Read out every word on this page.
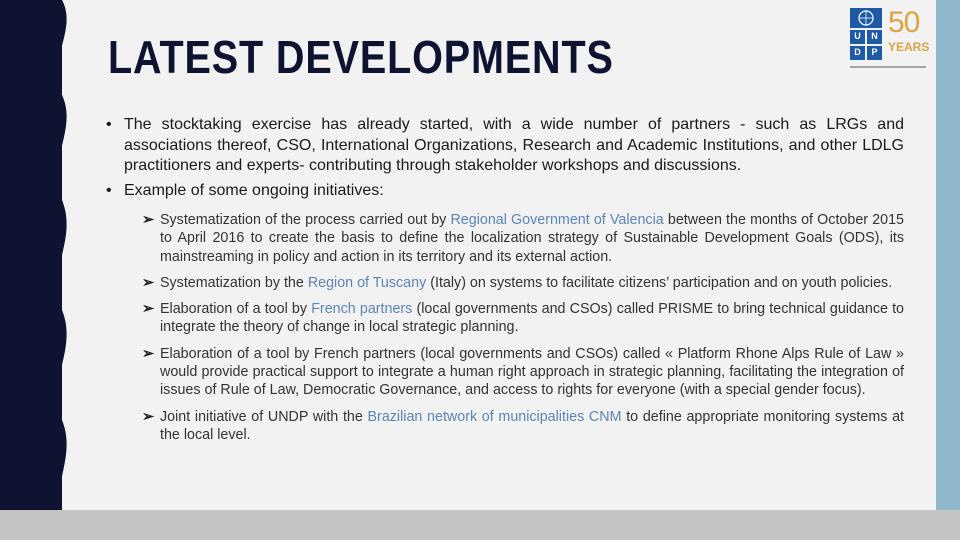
LATEST DEVELOPMENTS	U	N
D	P
50
YEARS

• The stocktaking exercise has already started, with a wide number of partners - such as LRGs and associations thereof, CSO, International Organizations, Research and Academic Institutions, and other LDLG practitioners and experts- contributing through stakeholder workshops and discussions.

• Example of some ongoing initiatives:

➢ Systematization of the process carried out by Regional Government of Valencia between the months of October 2015 to April 2016 to create the basis to define the localization strategy of Sustainable Development Goals (ODS), its mainstreaming in policy and action in its territory and its external action.

➢ Systematization by the Region of Tuscany (Italy) on systems to facilitate citizens’ participation and on youth policies.

➢ Elaboration of a tool by French partners (local governments and CSOs) called PRISME to bring technical guidance to integrate the theory of change in local strategic planning.

➢ Elaboration of a tool by French partners (local governments and CSOs) called « Platform Rhone Alps Rule of Law » would provide practical support to integrate a human right approach in strategic planning, facilitating the integration of issues of Rule of Law, Democratic Governance, and access to rights for everyone (with a special gender focus).

➢ Joint initiative of UNDP with the Brazilian network of municipalities CNM to define appropriate monitoring systems at the local level.
